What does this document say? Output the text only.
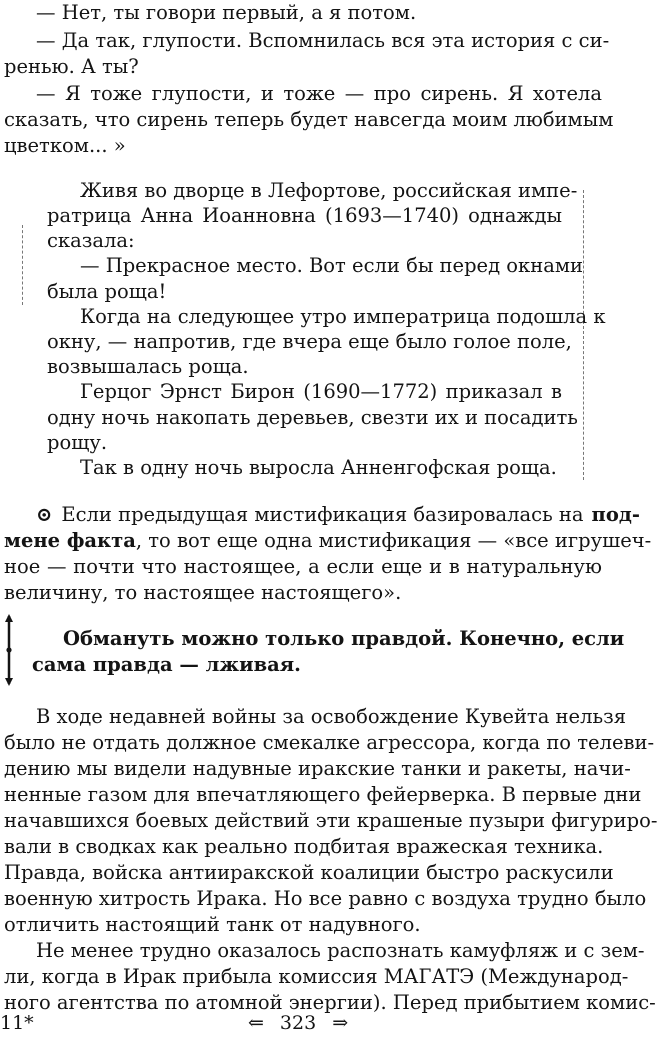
— Нет, ты говори первый, а я потом.
— Да так, глупости. Вспомнилась вся эта история с си-
ренью. А ты?
— Я тоже глупости, и тоже — про сирень. Я хотела
сказать, что сирень теперь будет навсегда моим любимым
цветком... »
Живя во дворце в Лефортове, российская импе-
ратрица Анна Иоанновна (1693—1740) однажды
сказала:
— Прекрасное место. Вот если бы перед окнами
была роща!
Когда на следующее утро императрица подошла к
окну, — напротив, где вчера еще было голое поле,
возвышалась роща.
Герцог Эрнст Бирон (1690—1772) приказал в
одну ночь накопать деревьев, свезти их и посадить
рощу.
Так в одну ночь выросла Анненгофская роща.
⊙ Если предыдущая мистификация базировалась на под-
мене факта , то вот еще одна мистификация — «все игрушеч-
ное — почти что настоящее, а если еще и в натуральную
величину, то настоящее настоящего».
Обмануть можно только правдой. Конечно, если
сама правда — лживая.
В ходе недавней войны за освобождение Кувейта нельзя
было не отдать должное смекалке агрессора, когда по телеви-
дению мы видели надувные иракские танки и ракеты, начи-
ненные газом для впечатляющего фейерверка. В первые дни
начавшихся боевых действий эти крашеные пузыри фигуриро-
вали в сводках как реально подбитая вражеская техника.
Правда, войска антииракской коалиции быстро раскусили
военную хитрость Ирака. Но все равно с воздуха трудно было
отличить настоящий танк от надувного.
Не менее трудно оказалось распознать камуфляж и с зем-
ли, когда в Ирак прибыла комиссия МАГАТЭ (Международ-
ного агентства по атомной энергии). Перед прибытием комис-
11*	⇐ 323 ⇒
